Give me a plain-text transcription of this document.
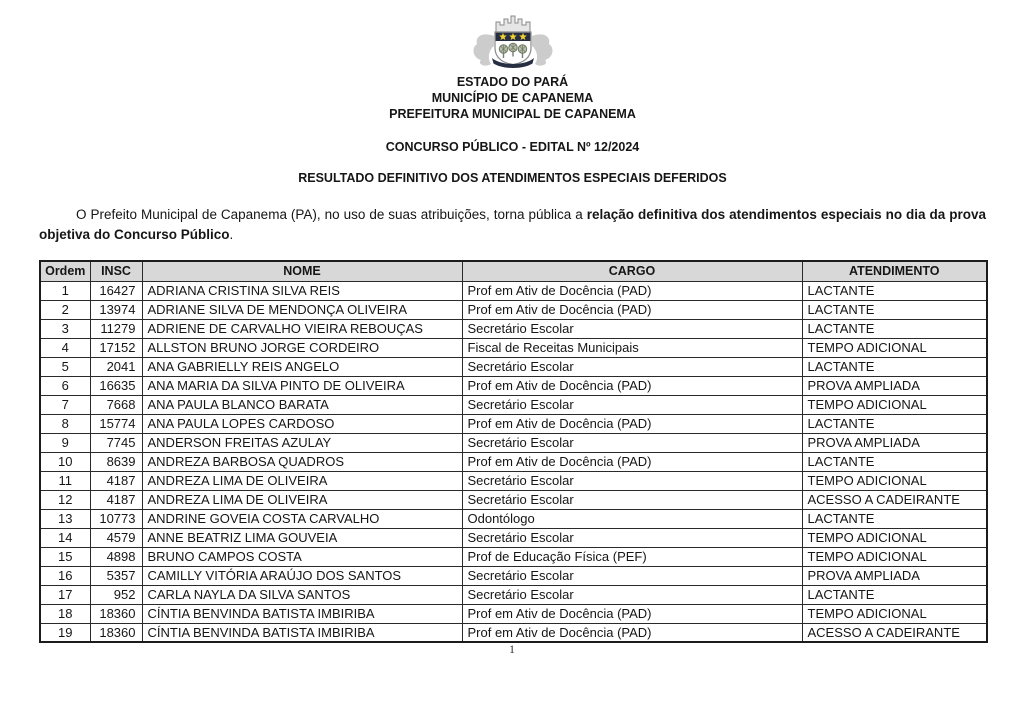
ESTADO DO PARÁ
MUNICÍPIO DE CAPANEMA
PREFEITURA MUNICIPAL DE CAPANEMA
CONCURSO PÚBLICO - EDITAL Nº 12/2024
RESULTADO DEFINITIVO DOS ATENDIMENTOS ESPECIAIS DEFERIDOS

O Prefeito Municipal de Capanema (PA), no uso de suas atribuições, torna pública a relação definitiva dos atendimentos especiais no dia da prova objetiva do Concurso Público.

Ordem	INSC	NOME	CARGO	ATENDIMENTO
1	16427	ADRIANA CRISTINA SILVA REIS	Prof em Ativ de Docência (PAD)	LACTANTE
2	13974	ADRIANE SILVA DE MENDONÇA OLIVEIRA	Prof em Ativ de Docência (PAD)	LACTANTE
3	11279	ADRIENE DE CARVALHO VIEIRA REBOUÇAS	Secretário Escolar	LACTANTE
4	17152	ALLSTON BRUNO JORGE CORDEIRO	Fiscal de Receitas Municipais	TEMPO ADICIONAL
5	2041	ANA GABRIELLY REIS ANGELO	Secretário Escolar	LACTANTE
6	16635	ANA MARIA DA SILVA PINTO DE OLIVEIRA	Prof em Ativ de Docência (PAD)	PROVA AMPLIADA
7	7668	ANA PAULA BLANCO BARATA	Secretário Escolar	TEMPO ADICIONAL
8	15774	ANA PAULA LOPES CARDOSO	Prof em Ativ de Docência (PAD)	LACTANTE
9	7745	ANDERSON FREITAS AZULAY	Secretário Escolar	PROVA AMPLIADA
10	8639	ANDREZA BARBOSA QUADROS	Prof em Ativ de Docência (PAD)	LACTANTE
11	4187	ANDREZA LIMA DE OLIVEIRA	Secretário Escolar	TEMPO ADICIONAL
12	4187	ANDREZA LIMA DE OLIVEIRA	Secretário Escolar	ACESSO A CADEIRANTE
13	10773	ANDRINE GOVEIA COSTA CARVALHO	Odontólogo	LACTANTE
14	4579	ANNE BEATRIZ LIMA GOUVEIA	Secretário Escolar	TEMPO ADICIONAL
15	4898	BRUNO CAMPOS COSTA	Prof de Educação Física (PEF)	TEMPO ADICIONAL
16	5357	CAMILLY VITÓRIA ARAÚJO DOS SANTOS	Secretário Escolar	PROVA AMPLIADA
17	952	CARLA NAYLA DA SILVA SANTOS	Secretário Escolar	LACTANTE
18	18360	CÍNTIA BENVINDA BATISTA IMBIRIBA	Prof em Ativ de Docência (PAD)	TEMPO ADICIONAL
19	18360	CÍNTIA BENVINDA BATISTA IMBIRIBA	Prof em Ativ de Docência (PAD)	ACESSO A CADEIRANTE
1
